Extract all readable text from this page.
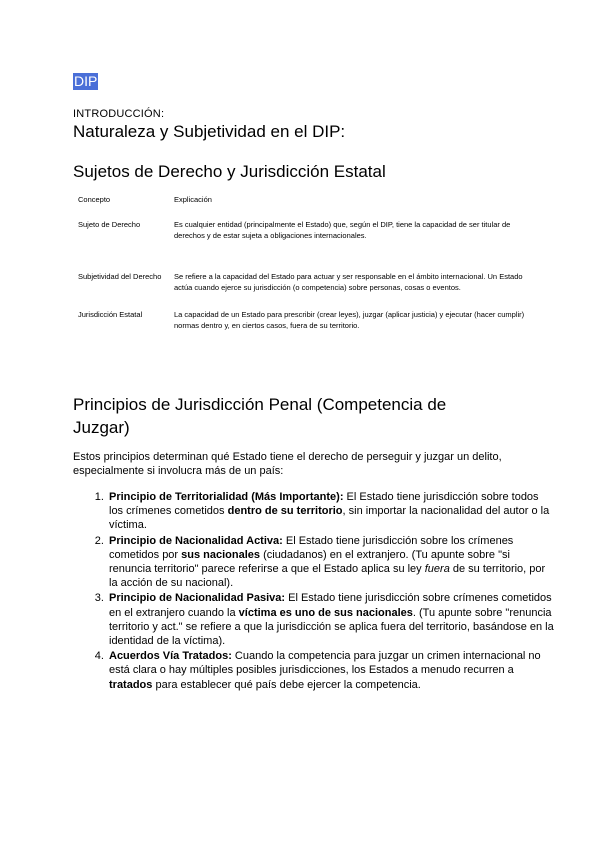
DIP
INTRODUCCIÓN:
Naturaleza y Subjetividad en el DIP:
Sujetos de Derecho y Jurisdicción Estatal
Concepto	Explicación
Sujeto de Derecho	Es cualquier entidad (principalmente el Estado) que, según el DIP, tiene la capacidad de ser titular de derechos y de estar sujeta a obligaciones internacionales.
Subjetividad del Derecho	Se refiere a la capacidad del Estado para actuar y ser responsable en el ámbito internacional. Un Estado actúa cuando ejerce su jurisdicción (o competencia) sobre personas, cosas o eventos.
Jurisdicción Estatal	La capacidad de un Estado para prescribir (crear leyes), juzgar (aplicar justicia) y ejecutar (hacer cumplir) normas dentro y, en ciertos casos, fuera de su territorio.
Principios de Jurisdicción Penal (Competencia de Juzgar)
Estos principios determinan qué Estado tiene el derecho de perseguir y juzgar un delito, especialmente si involucra más de un país:
1. Principio de Territorialidad (Más Importante): El Estado tiene jurisdicción sobre todos los crímenes cometidos dentro de su territorio, sin importar la nacionalidad del autor o la víctima.
2. Principio de Nacionalidad Activa: El Estado tiene jurisdicción sobre los crímenes cometidos por sus nacionales (ciudadanos) en el extranjero. (Tu apunte sobre "si renuncia territorio" parece referirse a que el Estado aplica su ley fuera de su territorio, por la acción de su nacional).
3. Principio de Nacionalidad Pasiva: El Estado tiene jurisdicción sobre crímenes cometidos en el extranjero cuando la víctima es uno de sus nacionales. (Tu apunte sobre "renuncia territorio y act." se refiere a que la jurisdicción se aplica fuera del territorio, basándose en la identidad de la víctima).
4. Acuerdos Vía Tratados: Cuando la competencia para juzgar un crimen internacional no está clara o hay múltiples posibles jurisdicciones, los Estados a menudo recurren a tratados para establecer qué país debe ejercer la competencia.
